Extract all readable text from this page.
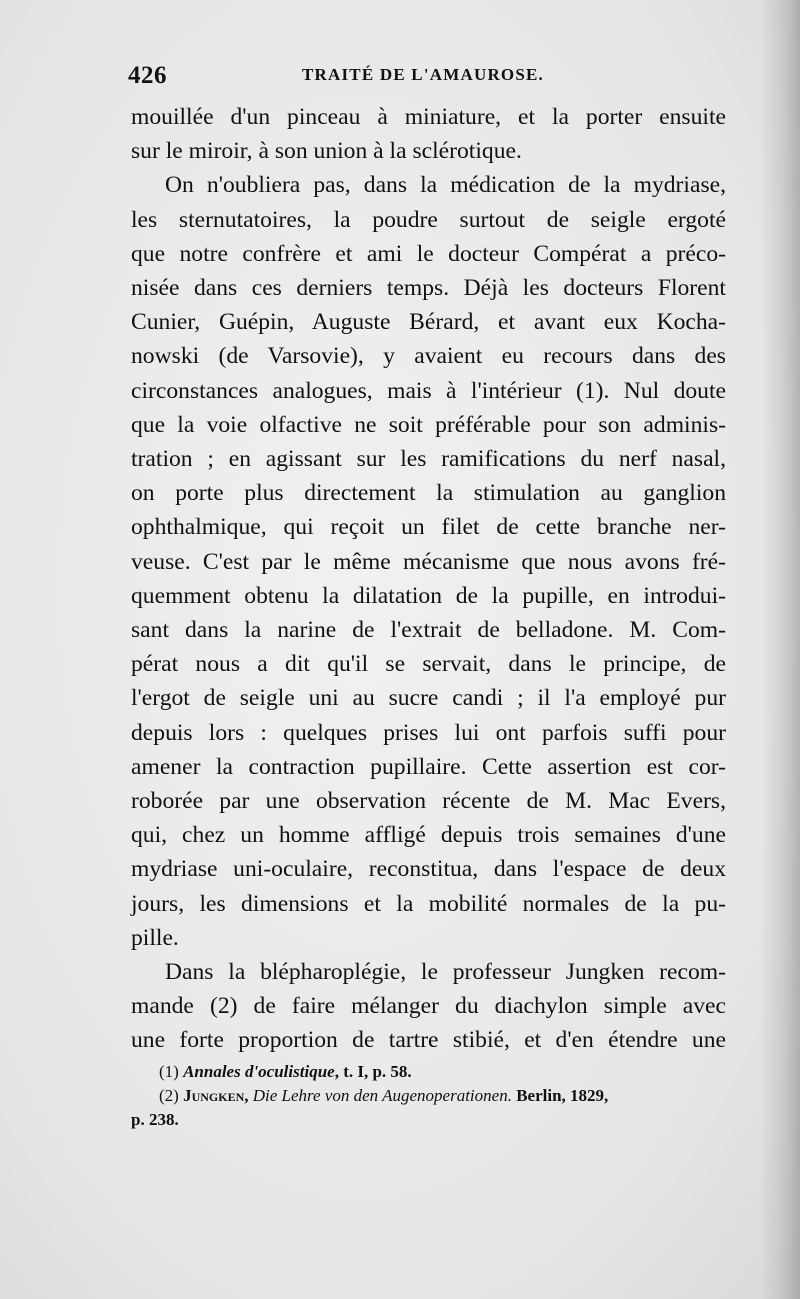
426	TRAITÉ DE L'AMAUROSE.
mouillée d'un pinceau à miniature, et la porter ensuite
sur le miroir, à son union à la sclérotique.
On n'oubliera pas, dans la médication de la mydriase,
les sternutatoires, la poudre surtout de seigle ergoté
que notre confrère et ami le docteur Compérat a préco-
nisée dans ces derniers temps. Déjà les docteurs Florent
Cunier, Guépin, Auguste Bérard, et avant eux Kocha-
nowski (de Varsovie), y avaient eu recours dans des
circonstances analogues, mais à l'intérieur (1). Nul doute
que la voie olfactive ne soit préférable pour son adminis-
tration ; en agissant sur les ramifications du nerf nasal,
on porte plus directement la stimulation au ganglion
ophthalmique, qui reçoit un filet de cette branche ner-
veuse. C'est par le même mécanisme que nous avons fré-
quemment obtenu la dilatation de la pupille, en introdui-
sant dans la narine de l'extrait de belladone. M. Com-
pérat nous a dit qu'il se servait, dans le principe, de
l'ergot de seigle uni au sucre candi ; il l'a employé pur
depuis lors : quelques prises lui ont parfois suffi pour
amener la contraction pupillaire. Cette assertion est cor-
roborée par une observation récente de M. Mac Evers,
qui, chez un homme affligé depuis trois semaines d'une
mydriase uni-oculaire, reconstitua, dans l'espace de deux
jours, les dimensions et la mobilité normales de la pu-
pille.
Dans la blépharoplégie, le professeur Jungken recom-
mande (2) de faire mélanger du diachylon simple avec
une forte proportion de tartre stibié, et d'en étendre une
(1) Annales d'oculistique, t. I, p. 58.
(2) Jungken, Die Lehre von den Augenoperationen. Berlin, 1829,
p. 238.
